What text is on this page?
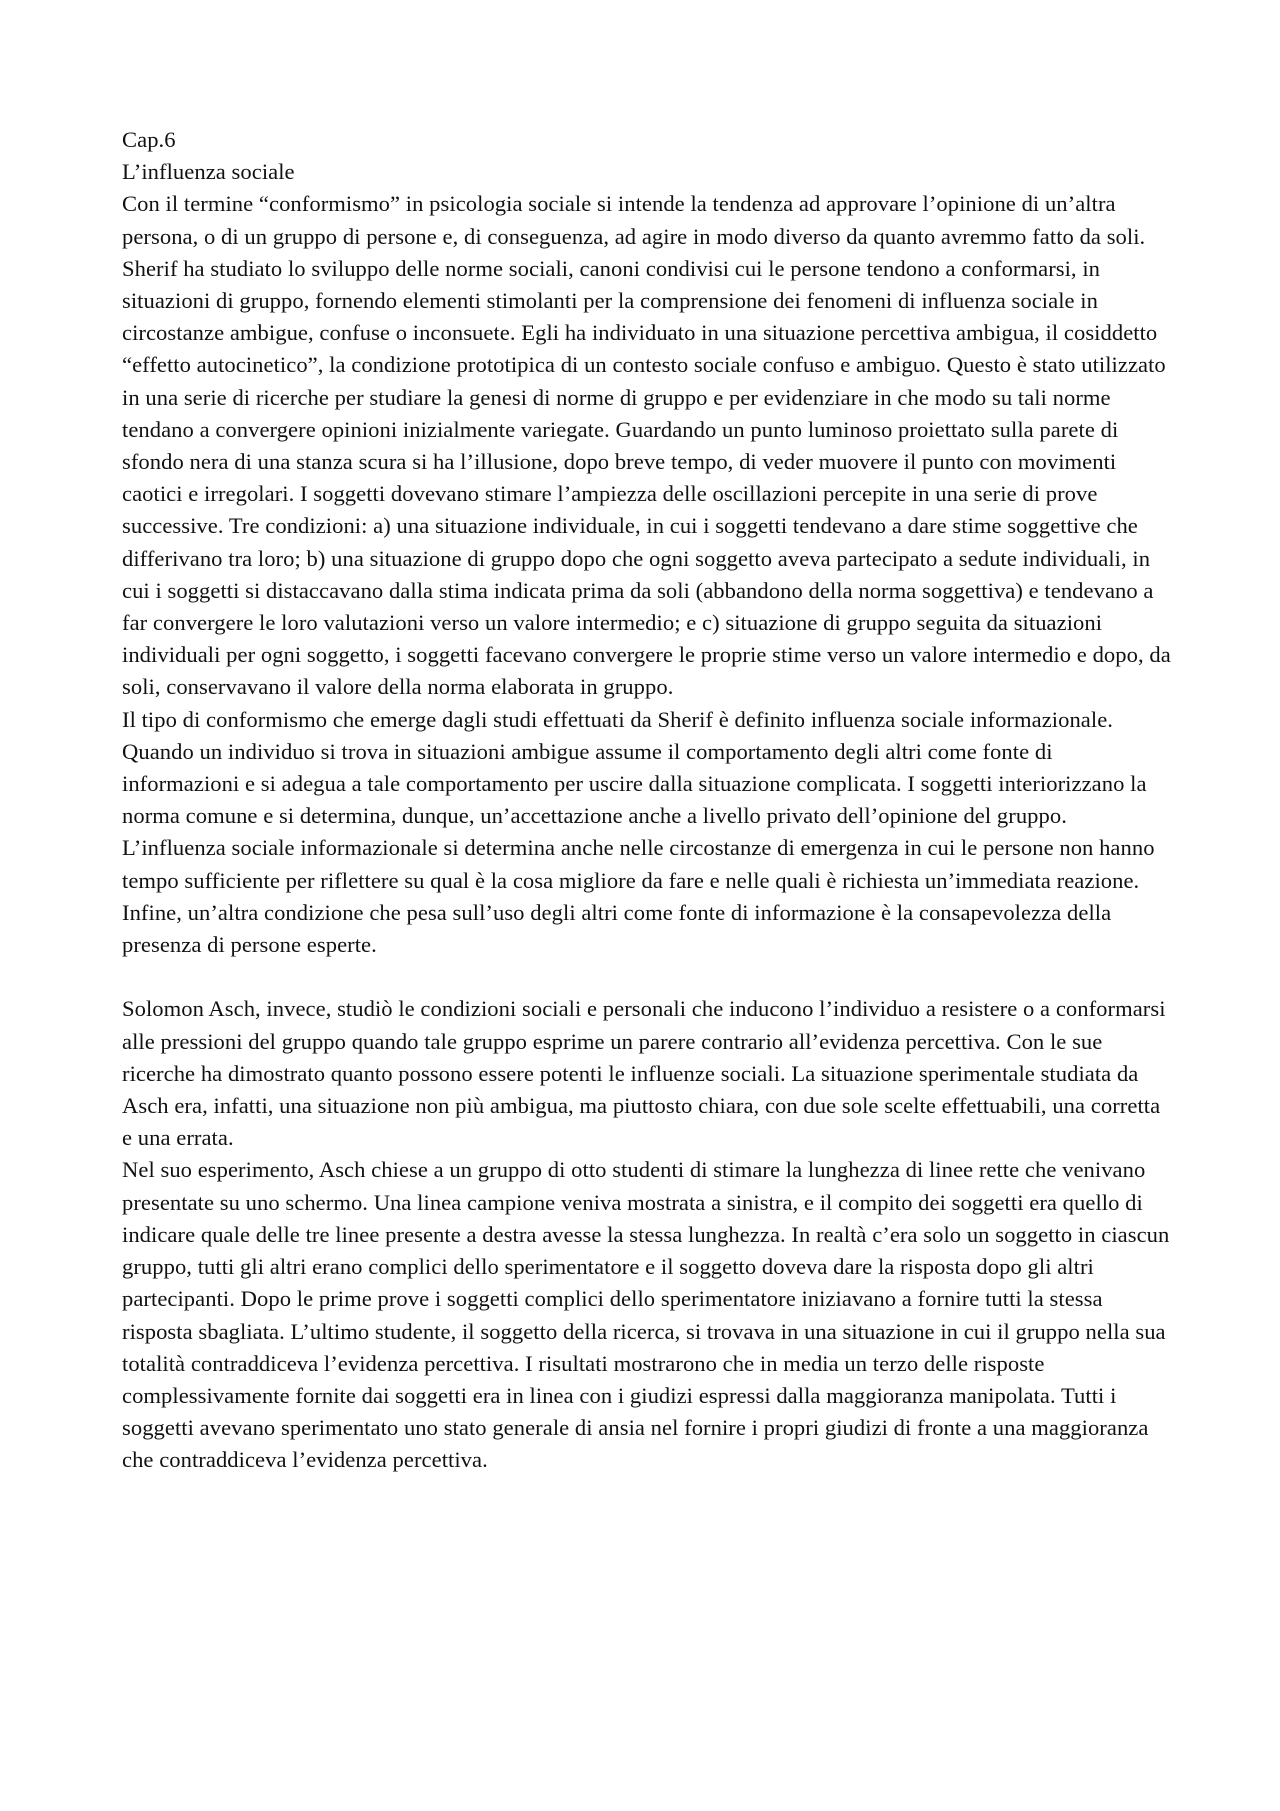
Cap.6

L’influenza sociale

Con il termine “conformismo” in psicologia sociale si intende la tendenza ad approvare l’opinione di un’altra persona, o di un gruppo di persone e, di conseguenza, ad agire in modo diverso da quanto avremmo fatto da soli.

Sherif ha studiato lo sviluppo delle norme sociali, canoni condivisi cui le persone tendono a conformarsi, in situazioni di gruppo, fornendo elementi stimolanti per la comprensione dei fenomeni di influenza sociale in circostanze ambigue, confuse o inconsuete. Egli ha individuato in una situazione percettiva ambigua, il cosiddetto “effetto autocinetico”, la condizione prototipica di un contesto sociale confuso e ambiguo. Questo è stato utilizzato in una serie di ricerche per studiare la genesi di norme di gruppo e per evidenziare in che modo su tali norme tendano a convergere opinioni inizialmente variegate. Guardando un punto luminoso proiettato sulla parete di sfondo nera di una stanza scura si ha l’illusione, dopo breve tempo, di veder muovere il punto con movimenti caotici e irregolari. I soggetti dovevano stimare l’ampiezza delle oscillazioni percepite in una serie di prove successive. Tre condizioni: a) una situazione individuale, in cui i soggetti tendevano a dare stime soggettive che differivano tra loro; b) una situazione di gruppo dopo che ogni soggetto aveva partecipato a sedute individuali, in cui i soggetti si distaccavano dalla stima indicata prima da soli (abbandono della norma soggettiva) e tendevano a far convergere le loro valutazioni verso un valore intermedio; e c) situazione di gruppo seguita da situazioni individuali per ogni soggetto, i soggetti facevano convergere le proprie stime verso un valore intermedio e dopo, da soli, conservavano il valore della norma elaborata in gruppo.

Il tipo di conformismo che emerge dagli studi effettuati da Sherif è definito influenza sociale informazionale. Quando un individuo si trova in situazioni ambigue assume il comportamento degli altri come fonte di informazioni e si adegua a tale comportamento per uscire dalla situazione complicata. I soggetti interiorizzano la norma comune e si determina, dunque, un’accettazione anche a livello privato dell’opinione del gruppo. L’influenza sociale informazionale si determina anche nelle circostanze di emergenza in cui le persone non hanno tempo sufficiente per riflettere su qual è la cosa migliore da fare e nelle quali è richiesta un’immediata reazione. Infine, un’altra condizione che pesa sull’uso degli altri come fonte di informazione è la consapevolezza della presenza di persone esperte.

Solomon Asch, invece, studiò le condizioni sociali e personali che inducono l’individuo a resistere o a conformarsi alle pressioni del gruppo quando tale gruppo esprime un parere contrario all’evidenza percettiva. Con le sue ricerche ha dimostrato quanto possono essere potenti le influenze sociali. La situazione sperimentale studiata da Asch era, infatti, una situazione non più ambigua, ma piuttosto chiara, con due sole scelte effettuabili, una corretta e una errata.

Nel suo esperimento, Asch chiese a un gruppo di otto studenti di stimare la lunghezza di linee rette che venivano presentate su uno schermo. Una linea campione veniva mostrata a sinistra, e il compito dei soggetti era quello di indicare quale delle tre linee presente a destra avesse la stessa lunghezza. In realtà c’era solo un soggetto in ciascun gruppo, tutti gli altri erano complici dello sperimentatore e il soggetto doveva dare la risposta dopo gli altri partecipanti. Dopo le prime prove i soggetti complici dello sperimentatore iniziavano a fornire tutti la stessa risposta sbagliata. L’ultimo studente, il soggetto della ricerca, si trovava in una situazione in cui il gruppo nella sua totalità contraddiceva l’evidenza percettiva. I risultati mostrarono che in media un terzo delle risposte complessivamente fornite dai soggetti era in linea con i giudizi espressi dalla maggioranza manipolata. Tutti i soggetti avevano sperimentato uno stato generale di ansia nel fornire i propri giudizi di fronte a una maggioranza che contraddiceva l’evidenza percettiva.
